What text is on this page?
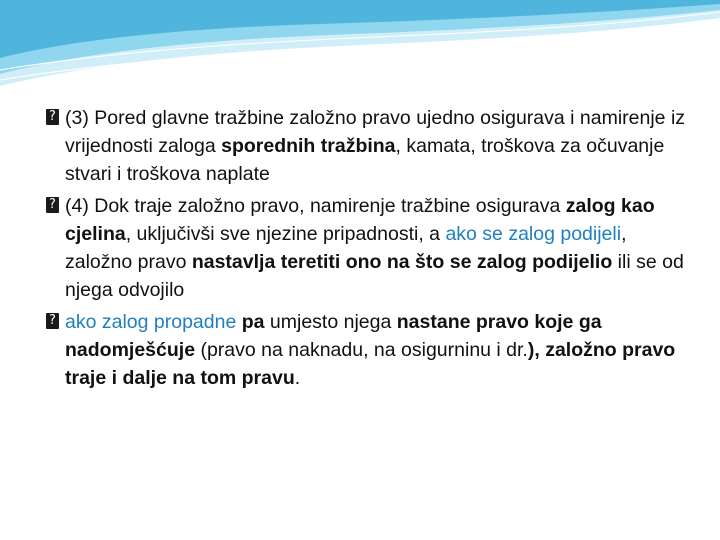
? (3) Pored glavne tražbine založno pravo ujedno osigurava i namirenje iz vrijednosti zaloga sporednih tražbina, kamata, troškova za očuvanje stvari i troškova naplate

? (4) Dok traje založno pravo, namirenje tražbine osigurava zalog kao cjelina, uključivši sve njezine pripadnosti, a ako se zalog podijeli, založno pravo nastavlja teretiti ono na što se zalog podijelio ili se od njega odvojilo

? ako zalog propadne pa umjesto njega nastane pravo koje ga nadomješćuje (pravo na naknadu, na osigurninu i dr.), založno pravo traje i dalje na tom pravu.
